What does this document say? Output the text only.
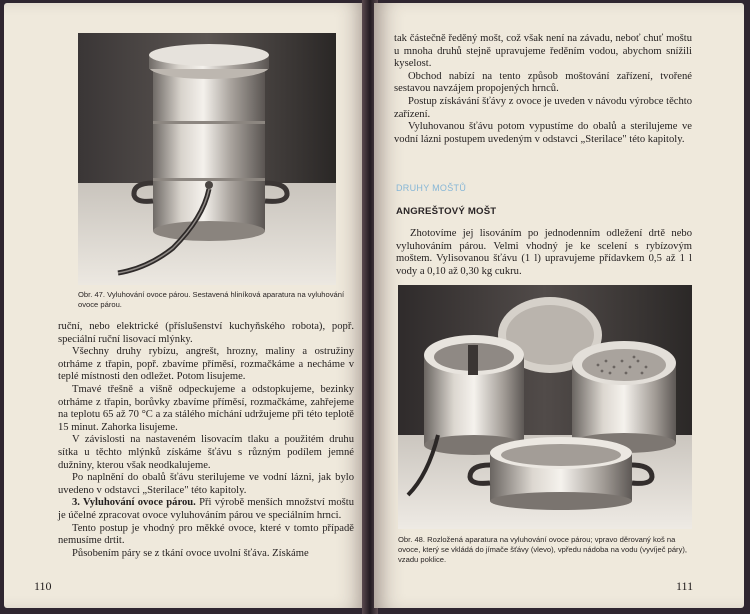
Obr. 47. Vyluhování ovoce párou. Sestavená hliníková aparatura na vyluhování ovoce párou.

ruční, nebo elektrické (příslušenství kuchyňského robota), popř. speciální ruční lisovací mlýnky.

Všechny druhy rybízu, angrešt, hrozny, maliny a ostružiny otrháme z třapin, popř. zbavíme příměsí, rozmačkáme a necháme v teplé místnosti den odležet. Potom lisujeme.

Tmavé třešně a višně odpeckujeme a odstopkujeme, bezinky otrháme z třapin, borůvky zbavíme příměsí, rozmačkáme, zahřejeme na teplotu 65 až 70 °C a za stálého míchání udržujeme při této teplotě 15 minut. Zahorka lisujeme.

V závislosti na nastaveném lisovacím tlaku a použitém druhu sítka u těchto mlýnků získáme šťávu s různým podílem jemné dužniny, kterou však neodkalujeme.

Po naplnění do obalů šťávu sterilujeme ve vodní lázni, jak bylo uvedeno v odstavci „Sterilace" této kapitoly.

3. Vyluhování ovoce párou. Při výrobě menších množství moštu je účelné zpracovat ovoce vyluhováním párou ve speciálním hrnci.

Tento postup je vhodný pro měkké ovoce, které v tomto případě nemusíme drtit.

Působením páry se z tkání ovoce uvolní šťáva. Získáme

110

tak částečně ředěný mošt, což však není na závadu, neboť chuť moštu u mnoha druhů stejně upravujeme ředěním vodou, abychom snížili kyselost.

Obchod nabízí na tento způsob moštování zařízení, tvořené sestavou navzájem propojených hrnců.

Postup získávání šťávy z ovoce je uveden v návodu výrobce těchto zařízení.

Vyluhovanou šťávu potom vypustíme do obalů a sterilujeme ve vodní lázni postupem uvedeným v odstavci „Sterilace" této kapitoly.

DRUHY MOŠTŮ
ANGREŠTOVÝ MOŠT

Zhotovíme jej lisováním po jednodenním odležení drtě nebo vyluhováním párou. Velmi vhodný je ke scelení s rybízovým moštem. Vylisovanou šťávu (1 l) upravujeme přídavkem 0,5 až 1 l vody a 0,10 až 0,30 kg cukru.

Obr. 48. Rozložená aparatura na vyluhování ovoce párou; vpravo děrovaný koš na ovoce, který se vkládá do jímače šťávy (vlevo), vpředu nádoba na vodu (vyvíječ páry), vzadu poklice.
111
